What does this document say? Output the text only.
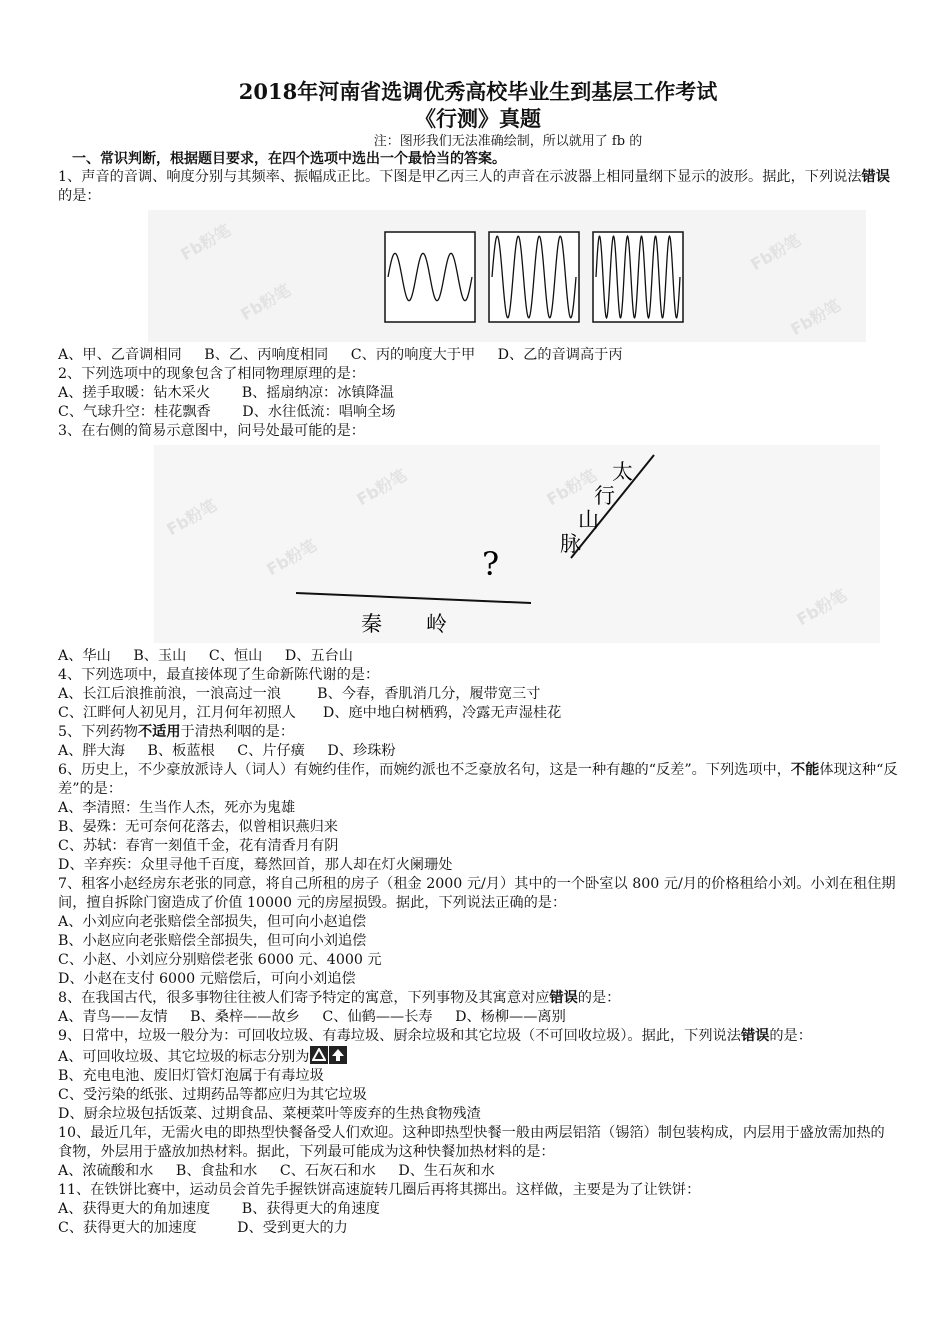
2018年河南省选调优秀高校毕业生到基层工作考试

《行测》真题

注：图形我们无法准确绘制，所以就用了 fb 的

一、常识判断，根据题目要求，在四个选项中选出一个最恰当的答案。

1、声音的音调、响度分别与其频率、振幅成正比。下图是甲乙丙三人的声音在示波器上相同量纲下显示的波形。据此，下列说法错误的是：
Fb粉笔
Fb粉笔
Fb粉笔
Fb粉笔
A、甲、乙音调相同     B、乙、丙响度相同     C、丙的响度大于甲     D、乙的音调高于丙
2、下列选项中的现象包含了相同物理原理的是：
A、搓手取暖：钻木采火       B、摇扇纳凉：冰镇降温
C、气球升空：桂花飘香       D、水往低流：唱响全场
3、在右侧的简易示意图中，问号处最可能的是：
Fb粉笔
Fb粉笔
Fb粉笔	Fb粉笔
Fb粉笔
太
行
山
脉
?
秦 岭
A、华山     B、玉山     C、恒山     D、五台山
4、下列选项中，最直接体现了生命新陈代谢的是：
A、长江后浪推前浪，一浪高过一浪        B、今春，香肌消几分，履带宽三寸
C、江畔何人初见月，江月何年初照人      D、庭中地白树栖鸦，冷露无声湿桂花
5、下列药物不适用于清热利咽的是：
A、胖大海     B、板蓝根     C、片仔癀     D、珍珠粉
6、历史上，不少豪放派诗人（词人）有婉约佳作，而婉约派也不乏豪放名句，这是一种有趣的“反差”。下列选项中，不能体现这种“反差”的是：
A、李清照：生当作人杰，死亦为鬼雄
B、晏殊：无可奈何花落去，似曾相识燕归来
C、苏轼：春宵一刻值千金，花有清香月有阴
D、辛弃疾：众里寻他千百度，蓦然回首，那人却在灯火阑珊处
7、租客小赵经房东老张的同意，将自己所租的房子（租金 2000 元/月）其中的一个卧室以 800 元/月的价格租给小刘。小刘在租住期间，擅自拆除门窗造成了价值 10000 元的房屋损毁。据此，下列说法正确的是：
A、小刘应向老张赔偿全部损失，但可向小赵追偿
B、小赵应向老张赔偿全部损失，但可向小刘追偿
C、小赵、小刘应分别赔偿老张 6000 元、4000 元
D、小赵在支付 6000 元赔偿后，可向小刘追偿
8、在我国古代，很多事物往往被人们寄予特定的寓意，下列事物及其寓意对应错误的是：
A、青鸟——友情     B、桑梓——故乡     C、仙鹤——长寿     D、杨柳——离别
9、日常中，垃圾一般分为：可回收垃圾、有毒垃圾、厨余垃圾和其它垃圾（不可回收垃圾）。据此，下列说法错误的是：
A、可回收垃圾、其它垃圾的标志分别为
B、充电电池、废旧灯管灯泡属于有毒垃圾
C、受污染的纸张、过期药品等都应归为其它垃圾
D、厨余垃圾包括饭菜、过期食品、菜梗菜叶等废弃的生热食物残渣
10、最近几年，无需火电的即热型快餐备受人们欢迎。这种即热型快餐一般由两层铝箔（锡箔）制包装构成，内层用于盛放需加热的食物，外层用于盛放加热材料。据此，下列最可能成为这种快餐加热材料的是：
A、浓硫酸和水     B、食盐和水     C、石灰石和水     D、生石灰和水
11、在铁饼比赛中，运动员会首先手握铁饼高速旋转几圈后再将其掷出。这样做，主要是为了让铁饼：
A、获得更大的角加速度       B、获得更大的角速度
C、获得更大的加速度         D、受到更大的力
